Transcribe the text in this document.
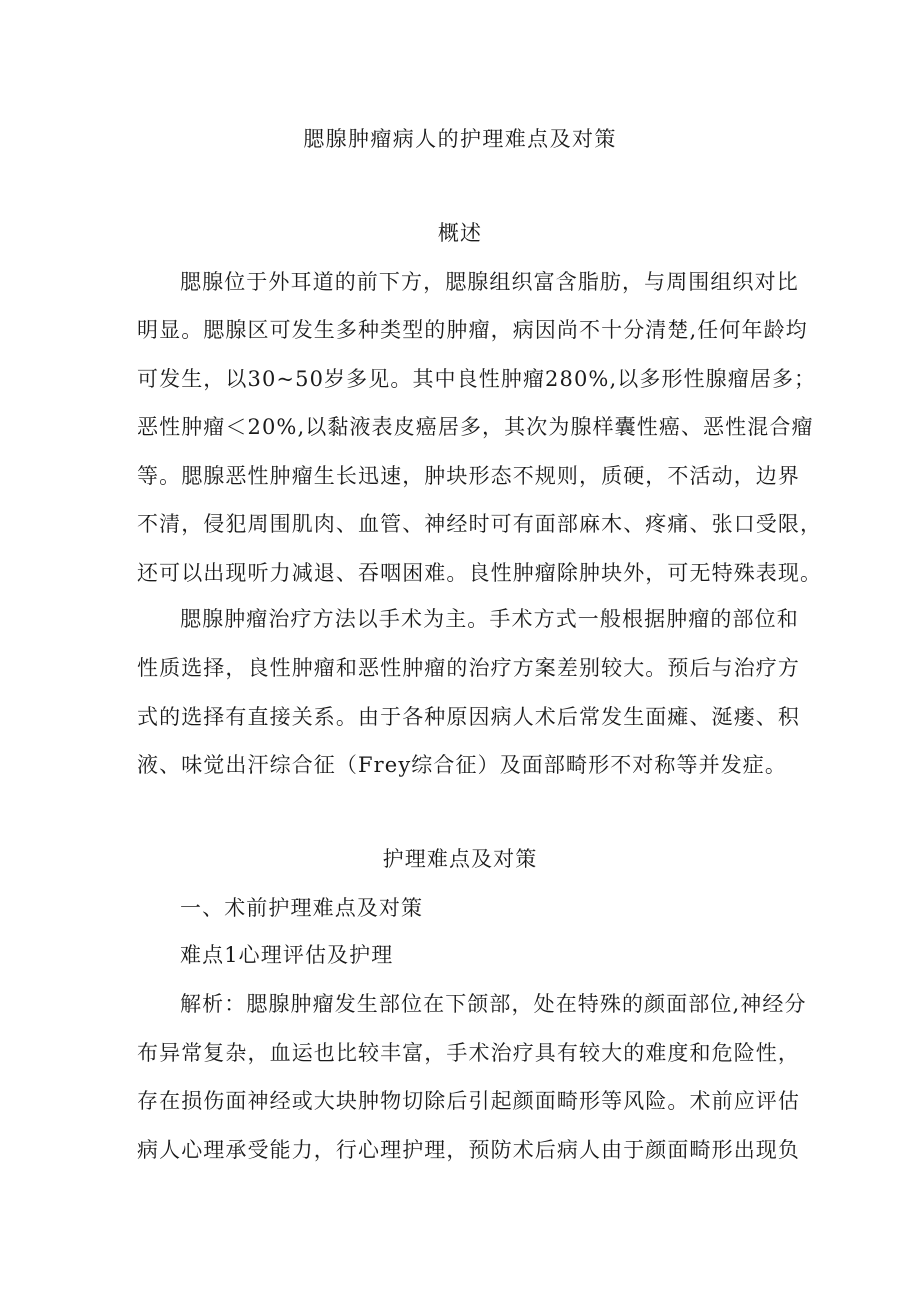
腮腺肿瘤病人的护理难点及对策
概述
腮腺位于外耳道的前下方，腮腺组织富含脂肪，与周围组织对比
明显。腮腺区可发生多种类型的肿瘤，病因尚不十分清楚,任何年龄均
可发生，以30~50岁多见。其中良性肿瘤280%,以多形性腺瘤居多；
恶性肿瘤＜20%,以黏液表皮癌居多，其次为腺样囊性癌、恶性混合瘤
等。腮腺恶性肿瘤生长迅速，肿块形态不规则，质硬，不活动，边界
不清，侵犯周围肌肉、血管、神经时可有面部麻木、疼痛、张口受限，
还可以出现听力减退、吞咽困难。良性肿瘤除肿块外，可无特殊表现。
腮腺肿瘤治疗方法以手术为主。手术方式一般根据肿瘤的部位和
性质选择，良性肿瘤和恶性肿瘤的治疗方案差别较大。预后与治疗方
式的选择有直接关系。由于各种原因病人术后常发生面瘫、涎瘘、积
液、味觉出汗综合征（Frey综合征）及面部畸形不对称等并发症。
护理难点及对策
一、术前护理难点及对策
难点1心理评估及护理
解析：腮腺肿瘤发生部位在下颌部，处在特殊的颜面部位,神经分
布异常复杂，血运也比较丰富，手术治疗具有较大的难度和危险性，
存在损伤面神经或大块肿物切除后引起颜面畸形等风险。术前应评估
病人心理承受能力，行心理护理，预防术后病人由于颜面畸形出现负
